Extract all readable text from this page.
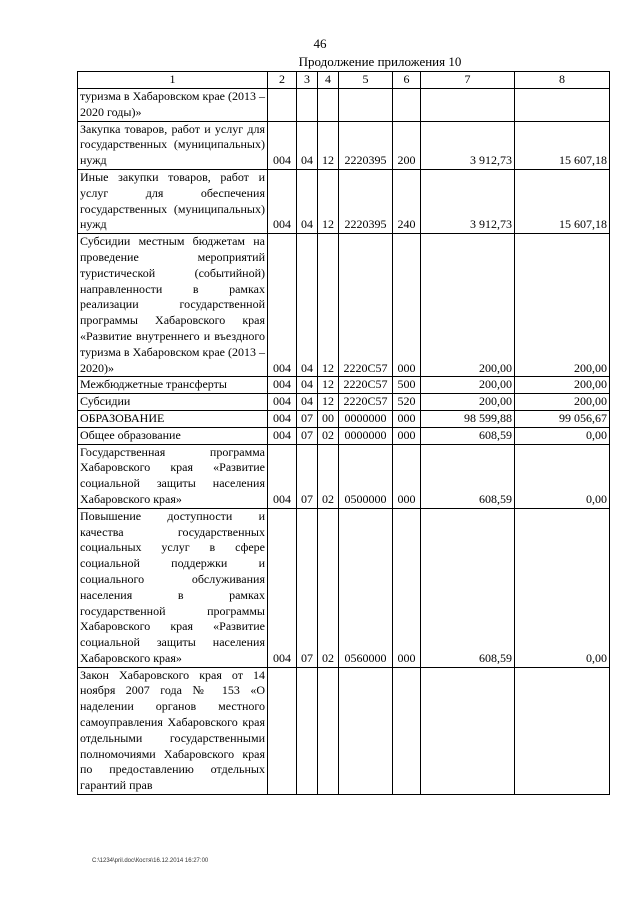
46
Продолжение приложения 10
1	2	3	4	5	6	7	8
туризма в Хабаровском крае (2013 – 2020 годы)»							
Закупка товаров, работ и услуг для государственных (муниципальных) нужд	004	04	12	2220395	200	3 912,73	15 607,18
Иные закупки товаров, работ и услуг для обеспечения государственных (муниципальных) нужд	004	04	12	2220395	240	3 912,73	15 607,18
Субсидии местным бюджетам на проведение мероприятий туристической (событийной) направленности в рамках реализации государственной программы Хабаровского края «Развитие внутреннего и въездного туризма в Хабаровском крае (2013 – 2020)»	004	04	12	2220С57	000	200,00	200,00
Межбюджетные трансферты	004	04	12	2220С57	500	200,00	200,00
Субсидии	004	04	12	2220С57	520	200,00	200,00
ОБРАЗОВАНИЕ	004	07	00	0000000	000	98 599,88	99 056,67
Общее образование	004	07	02	0000000	000	608,59	0,00
Государственная программа Хабаровского края «Развитие социальной защиты населения Хабаровского края»	004	07	02	0500000	000	608,59	0,00
Повышение доступности и качества государственных социальных услуг в сфере социальной поддержки и социального обслуживания населения в рамках государственной программы Хабаровского края «Развитие социальной защиты населения Хабаровского края»	004	07	02	0560000	000	608,59	0,00
Закон Хабаровского края от 14 ноября 2007 года № 153 «О наделении органов местного самоуправления Хабаровского края отдельными государственными полномочиями Хабаровского края по предоставлению отдельных гарантий прав							
C:\1234\pril.doc\Костя\16.12.2014 16:27:00
